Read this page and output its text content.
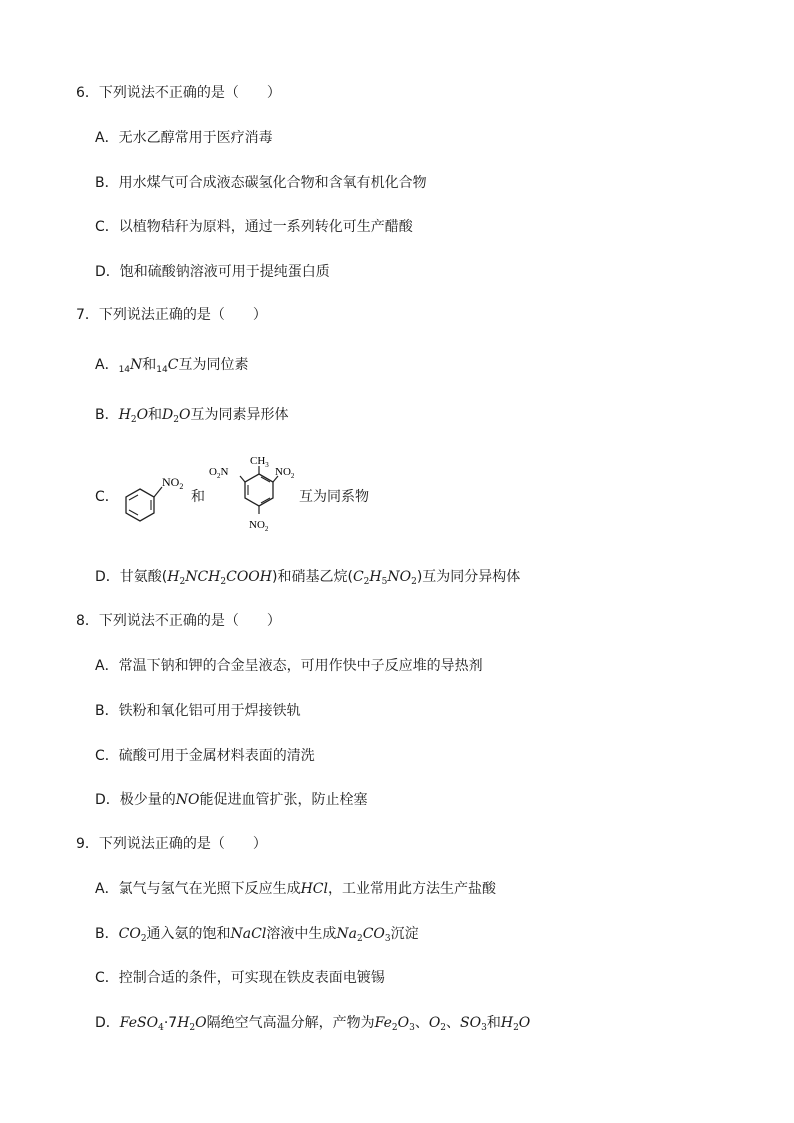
6．下列说法不正确的是（　　）
A．无水乙醇常用于医疗消毒
B．用水煤气可合成液态碳氢化合物和含氧有机化合物
C．以植物秸秆为原料，通过一系列转化可生产醋酸
D．饱和硫酸钠溶液可用于提纯蛋白质
7．下列说法正确的是（　　）
A．$_{14}$N和$_{14}$C互为同位素
B．$H_2O$和$D_2O$互为同素异形体
C．
$NO_2$
和
$CH_3$
$NO_2$
$O_2N$
$NO_2$
互为同系物
D．甘氨酸$(H_2NCH_2COOH)$和硝基乙烷$(C_2H_5NO_2)$互为同分异构体
8．下列说法不正确的是（　　）
A．常温下钠和钾的合金呈液态，可用作快中子反应堆的导热剂
B．铁粉和氧化铝可用于焊接铁轨
C．硫酸可用于金属材料表面的清洗
D．极少量的NO能促进血管扩张，防止栓塞
9．下列说法正确的是（　　）
A．氯气与氢气在光照下反应生成HCl，工业常用此方法生产盐酸
B．$CO_2$通入氨的饱和NaCl溶液中生成$Na_2CO_3$沉淀
C．控制合适的条件，可实现在铁皮表面电镀锡
D．$FeSO_4\cdot 7H_2O$隔绝空气高温分解，产物为$Fe_2O_3$、$O_2$、$SO_3$和$H_2O$
